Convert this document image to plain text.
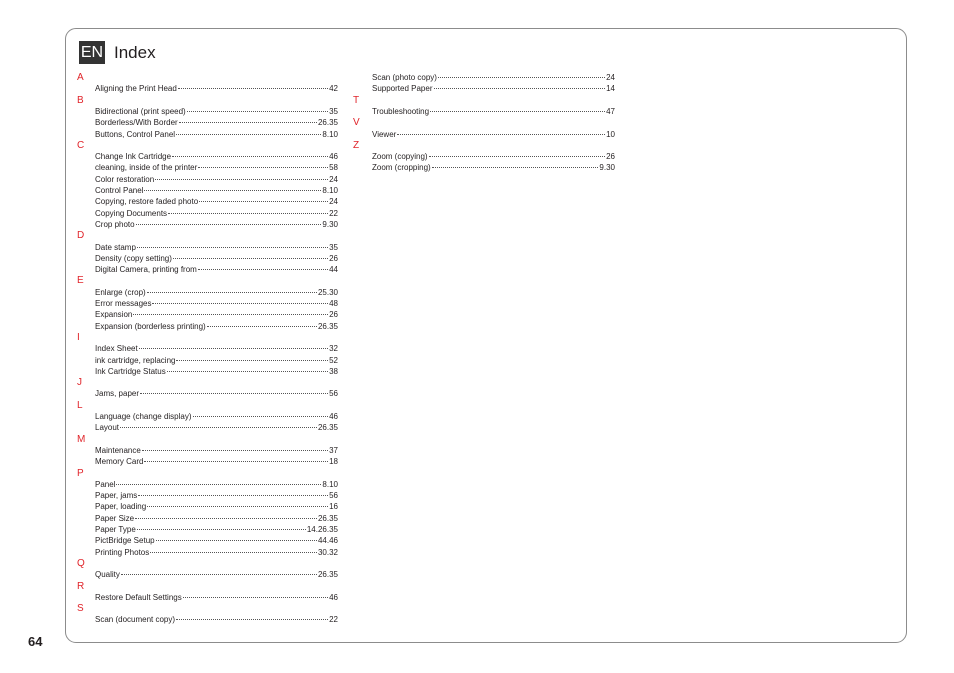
EN Index
64
A
Aligning the Print Head	42
B
Bidirectional (print speed)	35
Borderless/With Border	26.35
Buttons, Control Panel	8.10
C
Change Ink Cartridge	46
cleaning, inside of the printer	58
Color restoration	24
Control Panel	8.10
Copying, restore faded photo	24
Copying Documents	22
Crop photo	9.30
D
Date stamp	35
Density (copy setting)	26
Digital Camera, printing from	44
E
Enlarge (crop)	25.30
Error messages	48
Expansion	26
Expansion (borderless printing)	26.35
I
Index Sheet	32
ink cartridge, replacing	52
Ink Cartridge Status	38
J
Jams, paper	56
L
Language (change display)	46
Layout	26.35
M
Maintenance	37
Memory Card	18
P
Panel	8.10
Paper, jams	56
Paper, loading	16
Paper Size	26.35
Paper Type	14.26.35
PictBridge Setup	44.46
Printing Photos	30.32
Q
Quality	26.35
R
Restore Default Settings	46
S
Scan (document copy)	22
Scan (photo copy)	24
Supported Paper	14
T
Troubleshooting	47
V
Viewer	10
Z
Zoom (copying)	26
Zoom (cropping)	9.30
